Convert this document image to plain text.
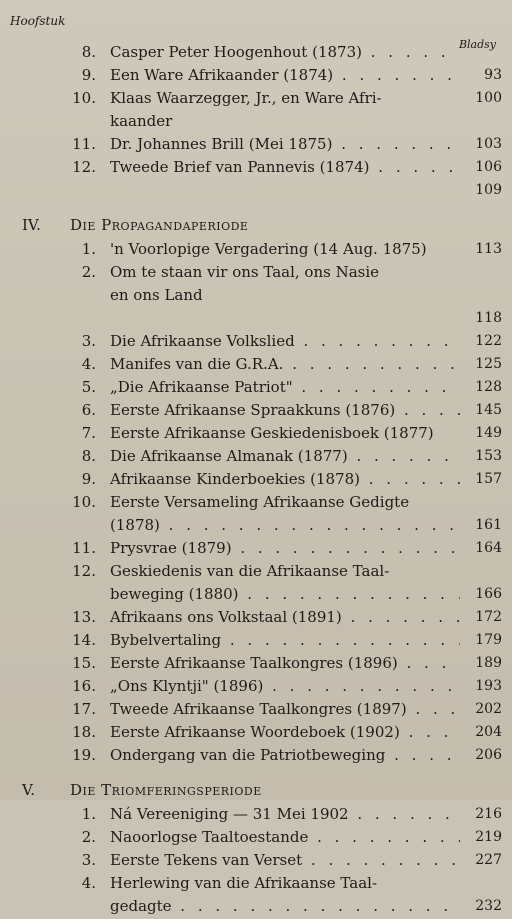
Hoofstuk
Bladsy
8. Casper Peter Hoogenhout (1873) . . .
9. Een Ware Afrikaander (1874) . . .	93
10. Klaas Waarzegger, Jr., en Ware Afri-	100
kaander
11. Dr. Johannes Brill (Mei 1875) . . .	103
12. Tweede Brief van Pannevis (1874) . . .	106
109
IV. Die Propagandaperiode
1. 'n Voorlopige Vergadering (14 Aug. 1875)	113
2. Om te staan vir ons Taal, ons Nasie
en ons Land
118
3. Die Afrikaanse Volkslied . . .	122
4. Manifes van die G.R.A. . . .	125
5. „Die Afrikaanse Patriot" . . .	128
6. Eerste Afrikaanse Spraakkuns (1876) . . .	145
7. Eerste Afrikaanse Geskiedenisboek (1877)	149
8. Die Afrikaanse Almanak (1877) . . .	153
9. Afrikaanse Kinderboekies (1878) . . .	157
10. Eerste Versameling Afrikaanse Gedigte
(1878) . . .	161
11. Prysvrae (1879) . . .	164
12. Geskiedenis van die Afrikaanse Taal-
beweging (1880) . . .	166
13. Afrikaans ons Volkstaal (1891) . . .	172
14. Bybelvertaling . . .	179
15. Eerste Afrikaanse Taalkongres (1896) . . .	189
16. „Ons Klyntji" (1896) . . .	193
17. Tweede Afrikaanse Taalkongres (1897) . . .	202
18. Eerste Afrikaanse Woordeboek (1902) . . .	204
19. Ondergang van die Patriotbeweging . . .	206
V. Die Triomferingsperiode
1. Ná Vereeniging — 31 Mei 1902 . . .	216
2. Naoorlogse Taaltoestande . . .	219
3. Eerste Tekens van Verset . . .	227
4. Herlewing van die Afrikaanse Taal-
gedagte . . .	232
